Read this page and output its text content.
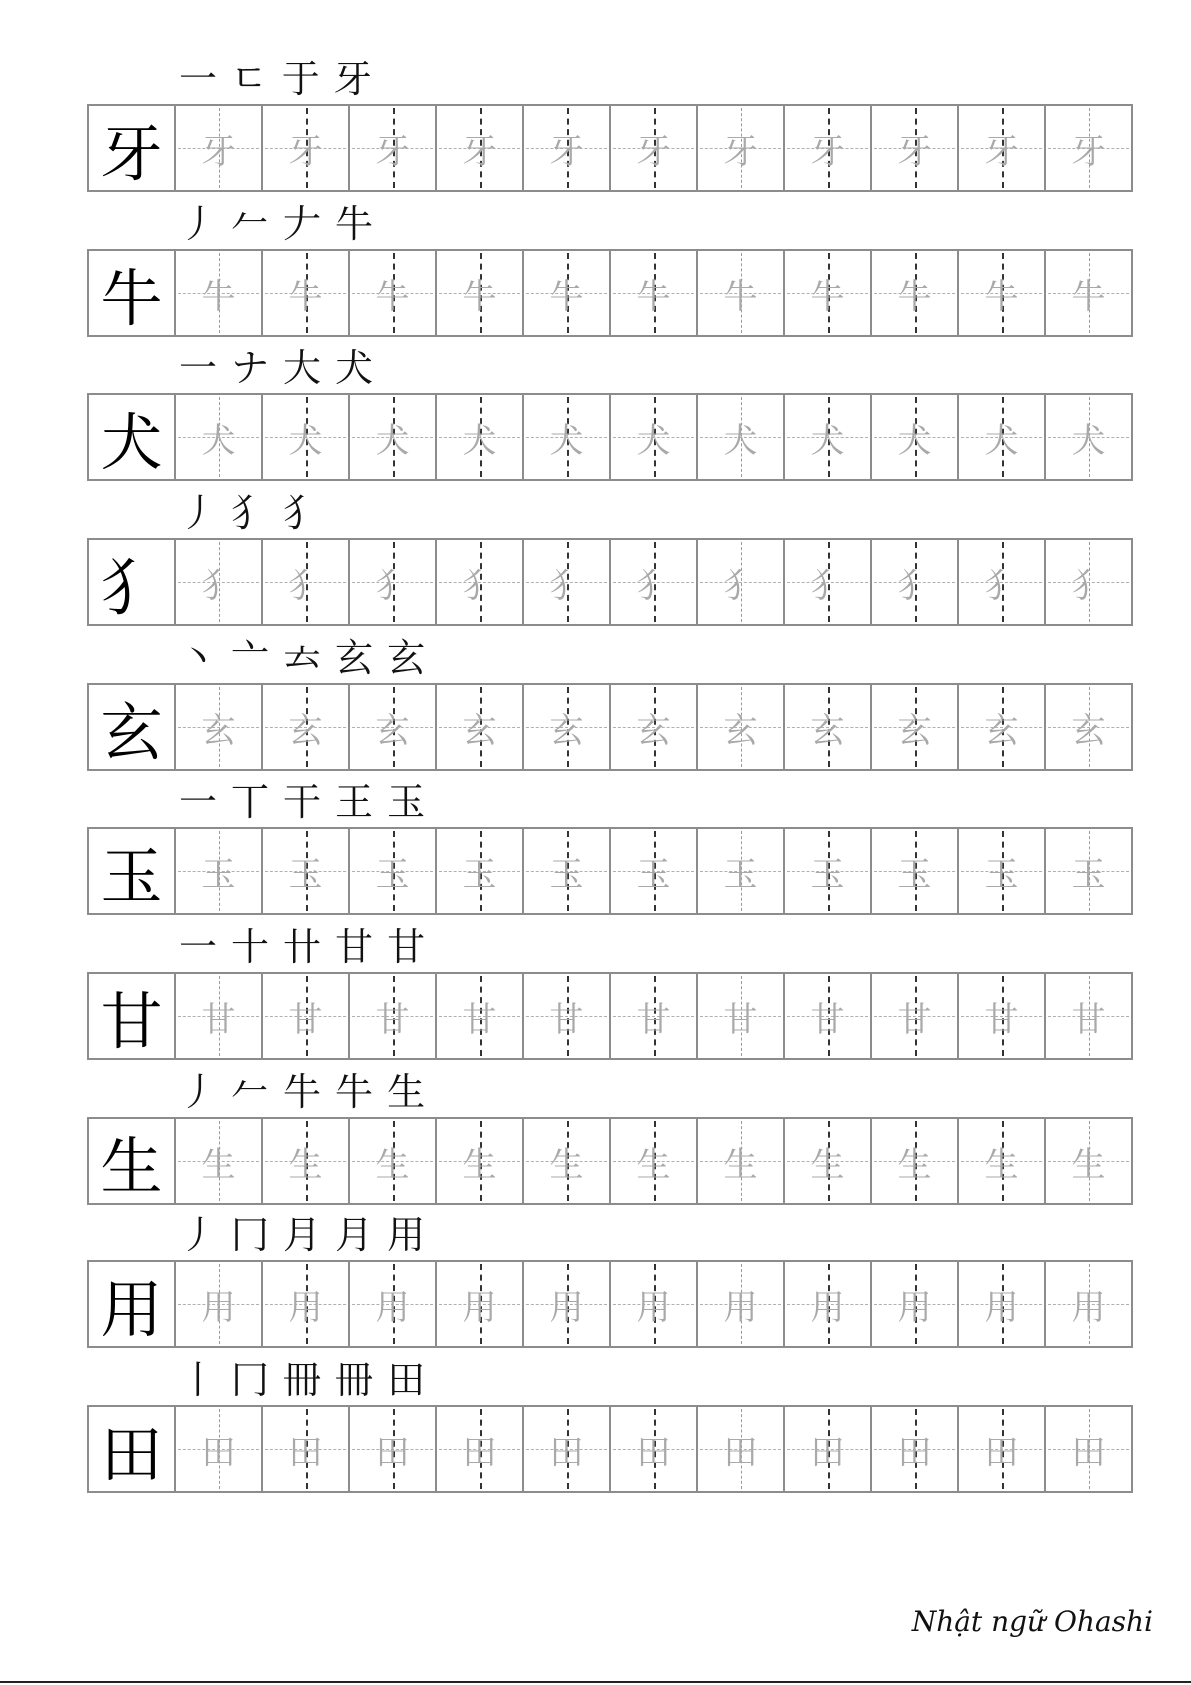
一 ㄷ 于 牙
牙	牙 牙 牙 牙 牙 牙 牙 牙 牙 牙 牙
丿 𠂉 𠂇 牛
牛	牛 牛 牛 牛 牛 牛 牛 牛 牛 牛 牛
一 ナ 大 犬
犬	犬 犬 犬 犬 犬 犬 犬 犬 犬 犬 犬
丿 犭 犭
犭	犭 犭 犭 犭 犭 犭 犭 犭 犭 犭 犭
丶 亠 𠫓 玄 玄
玄	玄 玄 玄 玄 玄 玄 玄 玄 玄 玄 玄
一 丅 干 王 玉
玉	玉 玉 玉 玉 玉 玉 玉 玉 玉 玉 玉
一 十 卄 甘 甘
甘	甘 甘 甘 甘 甘 甘 甘 甘 甘 甘 甘
丿 𠂉 牛 牛 生
生	生 生 生 生 生 生 生 生 生 生 生
丿 冂 月 月 用
用	用 用 用 用 用 用 用 用 用 用 用
丨 冂 冊 冊 田
田	田 田 田 田 田 田 田 田 田 田 田
Nhật ngữ Ohashi
